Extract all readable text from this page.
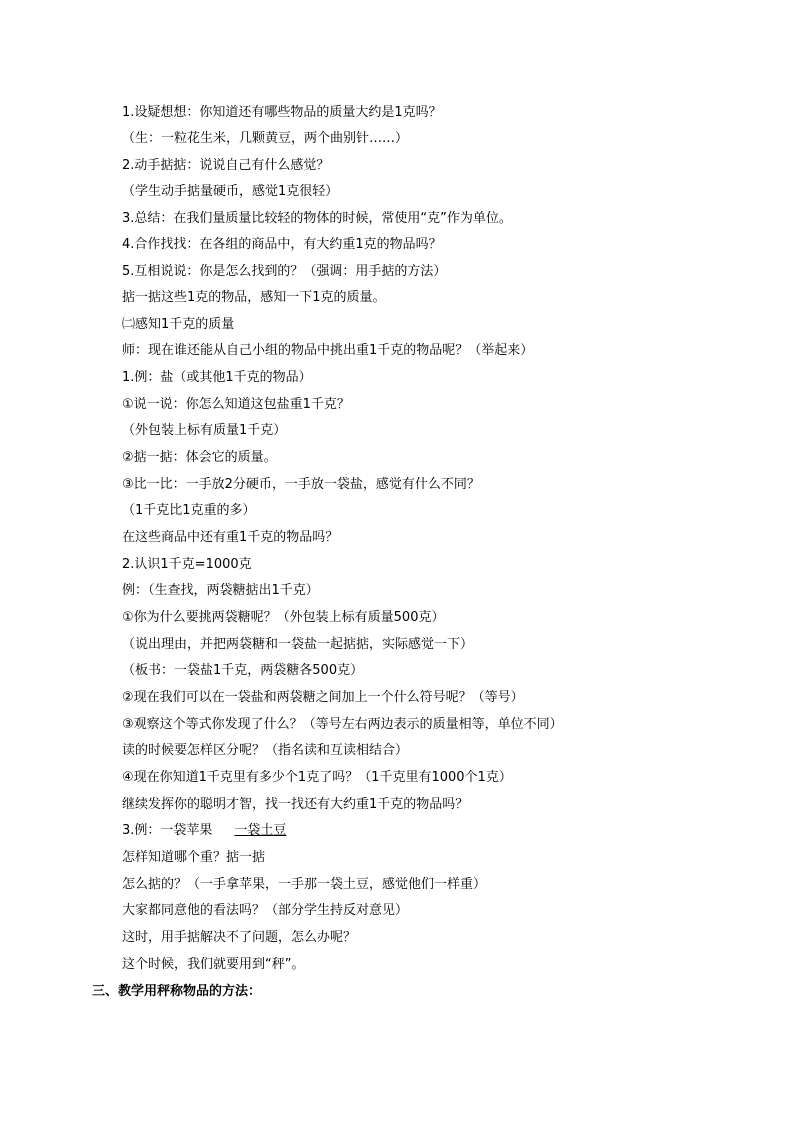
1.设疑想想：你知道还有哪些物品的质量大约是1克吗？
（生：一粒花生米，几颗黄豆，两个曲别针……）
2.动手掂掂：说说自己有什么感觉？
（学生动手掂量硬币，感觉1克很轻）
3.总结：在我们量质量比较轻的物体的时候，常使用“克”作为单位。
4.合作找找：在各组的商品中，有大约重1克的物品吗？
5.互相说说：你是怎么找到的？（强调：用手掂的方法）
掂一掂这些1克的物品，感知一下1克的质量。
㈡感知1千克的质量
师：现在谁还能从自己小组的物品中挑出重1千克的物品呢？（举起来）
1.例：盐（或其他1千克的物品）
①说一说：你怎么知道这包盐重1千克？
（外包装上标有质量1千克）
②掂一掂：体会它的质量。
③比一比：一手放2分硬币，一手放一袋盐，感觉有什么不同？
（1千克比1克重的多）
在这些商品中还有重1千克的物品吗？
2.认识1千克=1000克
例：（生查找，两袋糖掂出1千克）
①你为什么要挑两袋糖呢？（外包装上标有质量500克）
（说出理由，并把两袋糖和一袋盐一起掂掂，实际感觉一下）
（板书：一袋盐1千克，两袋糖各500克）
②现在我们可以在一袋盐和两袋糖之间加上一个什么符号呢？（等号）
③观察这个等式你发现了什么？（等号左右两边表示的质量相等，单位不同）
读的时候要怎样区分呢？（指名读和互读相结合）
④现在你知道1千克里有多少个1克了吗？（1千克里有1000个1克）
继续发挥你的聪明才智，找一找还有大约重1千克的物品吗？
3.例：一袋苹果 一袋土豆
怎样知道哪个重？掂一掂
怎么掂的？（一手拿苹果，一手那一袋土豆，感觉他们一样重）
大家都同意他的看法吗？（部分学生持反对意见）
这时，用手掂解决不了问题，怎么办呢？
这个时候，我们就要用到“秤”。
三、教学用秤称物品的方法：
